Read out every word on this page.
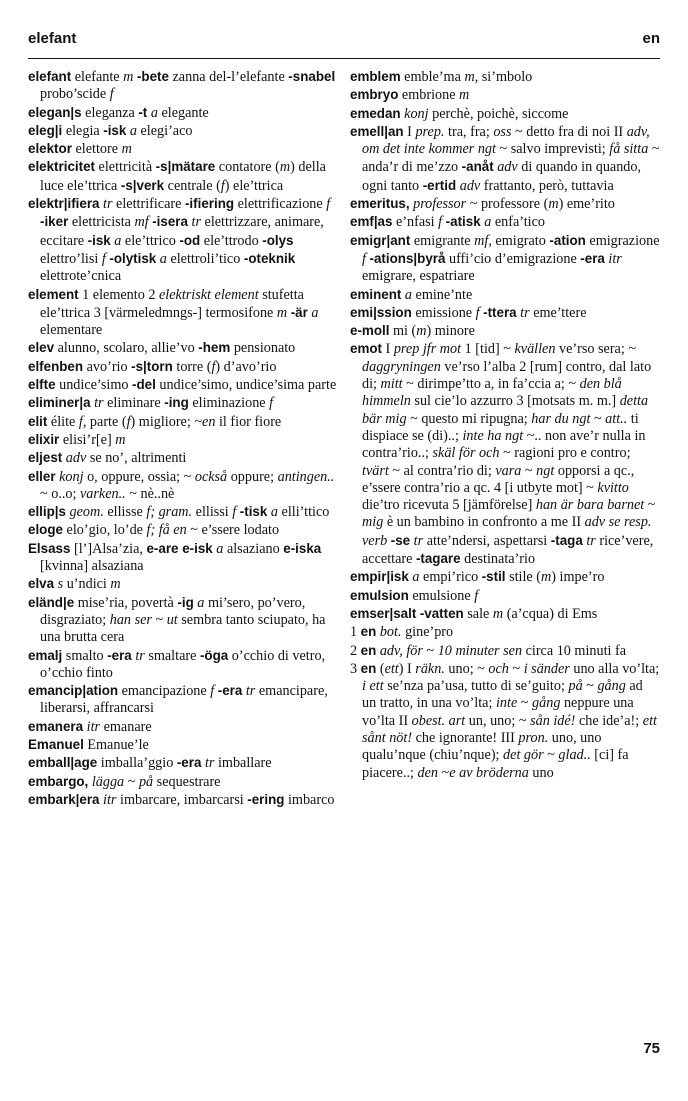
elefant	en

elefant elefante m -bete zanna del-l’elefante -snabel probo’scide f

elegan|s eleganza -t a elegante

eleg|i elegia -isk a elegi’aco

elektor elettore m

elektricitet elettricità -s|mätare contatore (m) della luce ele’ttrica -s|verk centrale (f) ele’ttrica

elektr|ifiera tr elettrificare -ifiering elettrificazione f -iker elettricista mf -isera tr elettrizzare, animare, eccitare -isk a ele’ttrico -od ele’ttrodo -olys elettro’lisi f -olytisk a elettroli’tico -oteknik elettrote’cnica

element 1 elemento 2 elektriskt element stufetta ele’ttrica 3 [värmeledmngs-] termosifone m -är a elementare

elev alunno, scolaro, allie’vo -hem pensionato

elfenben avo’rio -s|torn torre (f) d’avo’rio

elfte undice’simo -del undice’simo, undice’sima parte

eliminer|a tr eliminare -ing eliminazione f

elit élite f, parte (f) migliore; ~en il fior fiore

elixir elisi’r[e] m

eljest adv se no’, altrimenti

eller konj o, oppure, ossia; ~ också oppure; antingen.. ~ o..o; varken.. ~ nè..nè

ellip|s geom. ellisse f; gram. ellissi f -tisk a elli’ttico

eloge elo’gio, lo’de f; få en ~ e’ssere lodato

Elsass [l’]Alsa’zia, e-are e-isk a alsaziano e-iska [kvinna] alsaziana

elva s u’ndici m

eländ|e mise’ria, povertà -ig a mi’sero, po’vero, disgraziato; han ser ~ ut sembra tanto sciupato, ha una brutta cera

emalj smalto -era tr smaltare -öga o’cchio di vetro, o’cchio finto

emancip|ation emancipazione f -era tr emancipare, liberarsi, affrancarsi

emanera itr emanare

Emanuel Emanue’le

emball|age imballa’ggio -era tr imballare

embargo, lägga ~ på sequestrare

embark|era itr imbarcare, imbarcarsi -ering imbarco

emblem emble’ma m, si’mbolo

embryo embrione m

emedan konj perchè, poichè, siccome

emell|an I prep. tra, fra; oss ~ detto fra di noi II adv, om det inte kommer ngt ~ salvo imprevisti; få sitta ~ anda’r di me’zzo -anåt adv di quando in quando, ogni tanto -ertid adv frattanto, però, tuttavia

emeritus, professor ~ professore (m) eme’rito

emf|as e’nfasi f -atisk a enfa’tico

emigr|ant emigrante mf, emigrato -ation emigrazione f -ations|byrå uffi’cio d’emigrazione -era itr emigrare, espatriare

eminent a emine’nte

emi|ssion emissione f -ttera tr eme’ttere

e-moll mi (m) minore

emot I prep jfr mot 1 [tid] ~ kvällen ve’rso sera; ~ daggryningen ve’rso l’alba 2 [rum] contro, dal lato di; mitt ~ dirimpe’tto a, in fa’ccia a; ~ den blå himmeln sul cie’lo azzurro 3 [motsats m. m.] detta bär mig ~ questo mi ripugna; har du ngt ~ att.. ti dispiace se (di)..; inte ha ngt ~.. non ave’r nulla in contra’rio..; skäl för och ~ ragioni pro e contro; tvärt ~ al contra’rio di; vara ~ ngt opporsi a qc., e’ssere contra’rio a qc. 4 [i utbyte mot] ~ kvitto die’tro ricevuta 5 [jämförelse] han är bara barnet ~ mig è un bambino in confronto a me II adv se resp. verb -se tr atte’ndersi, aspettarsi -taga tr rice’vere, accettare -tagare destinata’rio

empir|isk a empi’rico -stil stile (m) impe’ro

emulsion emulsione f

emser|salt -vatten sale m (a’cqua) di Ems

1 en bot. gine’pro

2 en adv, för ~ 10 minuter sen circa 10 minuti fa

3 en (ett) I räkn. uno; ~ och ~ i sänder uno alla vo’lta; i ett se’nza pa’usa, tutto di se’guito; på ~ gång ad un tratto, in una vo’lta; inte ~ gång neppure una vo’lta II obest. art un, uno; ~ sån idé! che ide’a!; ett sånt nöt! che ignorante! III pron. uno, uno qualu’nque (chiu’nque); det gör ~ glad.. [ci] fa piacere..; den ~e av bröderna uno

75
